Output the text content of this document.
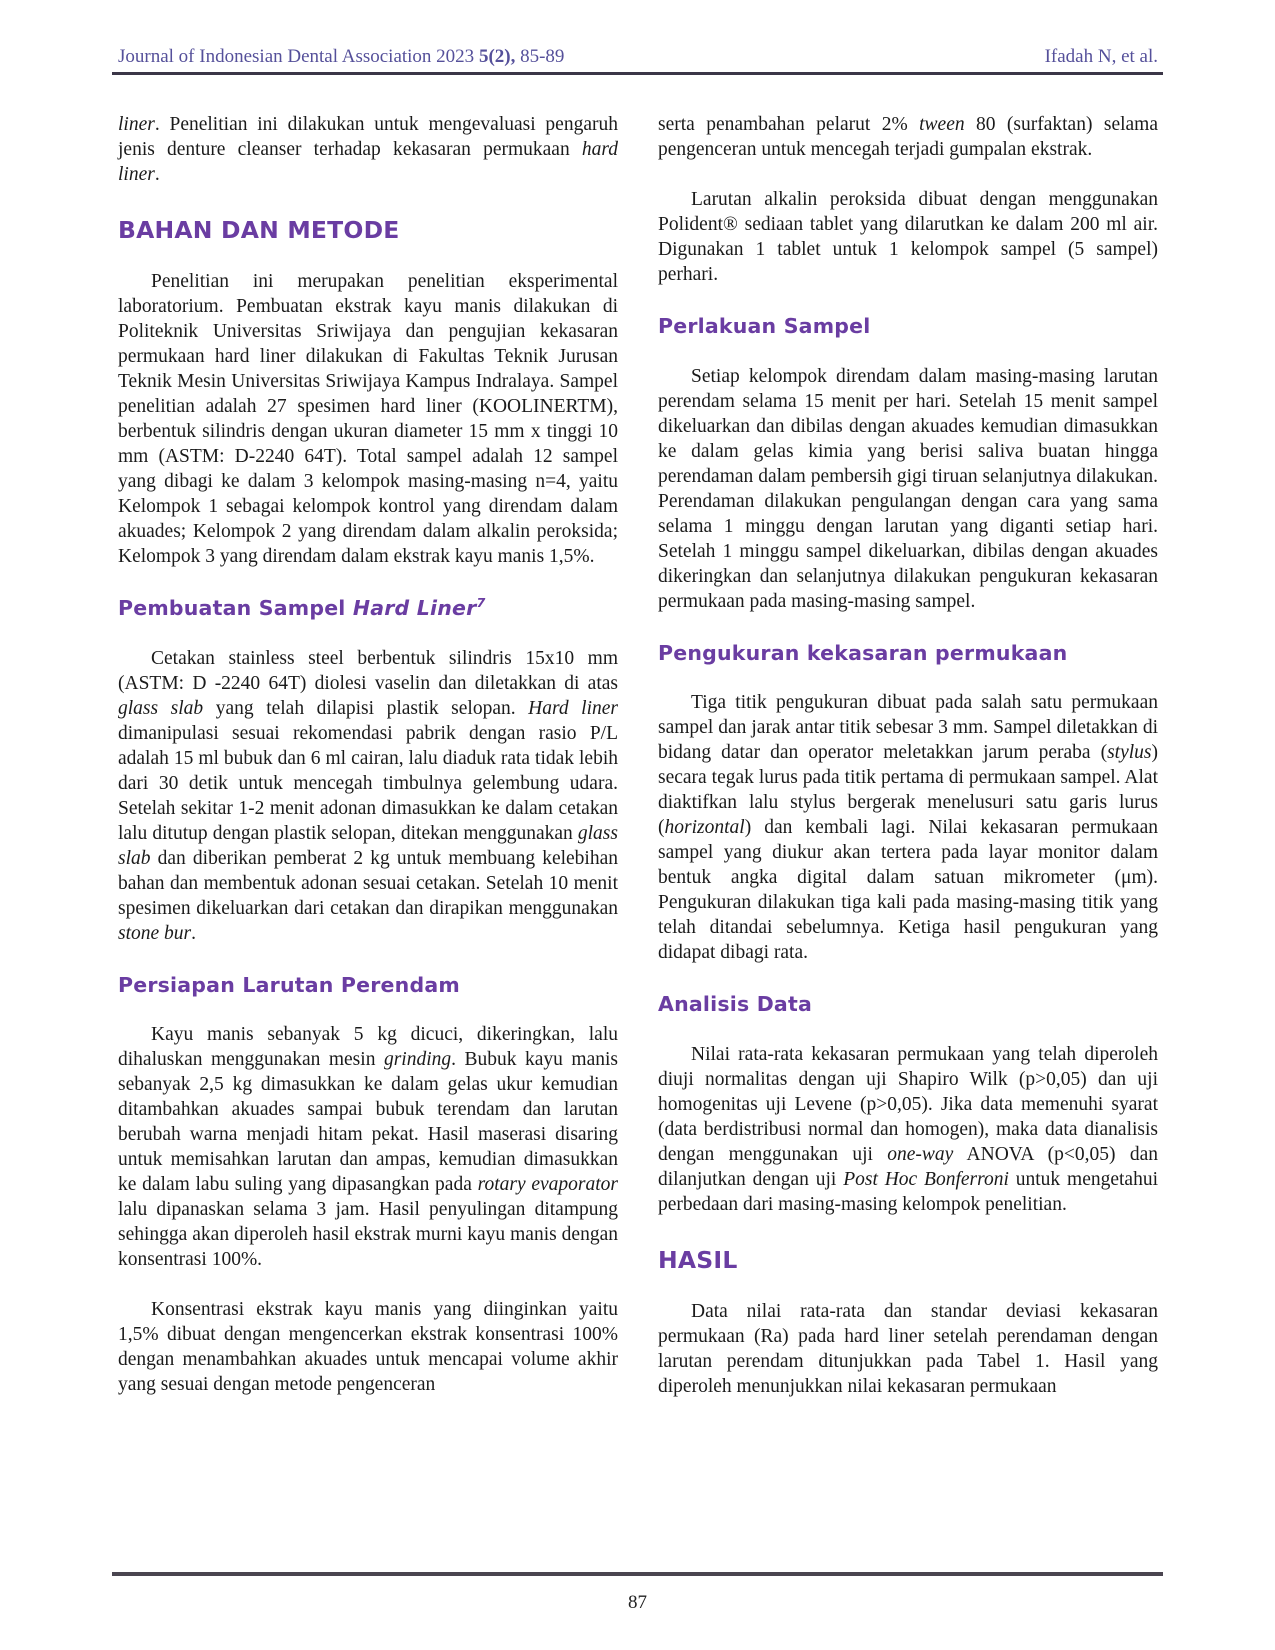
Journal of Indonesian Dental Association 2023 5(2), 85-89	Ifadah N, et al.

liner. Penelitian ini dilakukan untuk mengevaluasi pengaruh jenis denture cleanser terhadap kekasaran permukaan hard liner.

BAHAN DAN METODE

Penelitian ini merupakan penelitian eksperimental laboratorium. Pembuatan ekstrak kayu manis dilakukan di Politeknik Universitas Sriwijaya dan pengujian kekasaran permukaan hard liner dilakukan di Fakultas Teknik Jurusan Teknik Mesin Universitas Sriwijaya Kampus Indralaya. Sampel penelitian adalah 27 spesimen hard liner (KOOLINERTM), berbentuk silindris dengan ukuran diameter 15 mm x tinggi 10 mm (ASTM: D-2240 64T). Total sampel adalah 12 sampel yang dibagi ke dalam 3 kelompok masing-masing n=4, yaitu Kelompok 1 sebagai kelompok kontrol yang direndam dalam akuades; Kelompok 2 yang direndam dalam alkalin peroksida; Kelompok 3 yang direndam dalam ekstrak kayu manis 1,5%.

Pembuatan Sampel Hard Liner$^7$

Cetakan stainless steel berbentuk silindris 15x10 mm (ASTM: D -2240 64T) diolesi vaselin dan diletakkan di atas glass slab yang telah dilapisi plastik selopan. Hard liner dimanipulasi sesuai rekomendasi pabrik dengan rasio P/L adalah 15 ml bubuk dan 6 ml cairan, lalu diaduk rata tidak lebih dari 30 detik untuk mencegah timbulnya gelembung udara. Setelah sekitar 1-2 menit adonan dimasukkan ke dalam cetakan lalu ditutup dengan plastik selopan, ditekan menggunakan glass slab dan diberikan pemberat 2 kg untuk membuang kelebihan bahan dan membentuk adonan sesuai cetakan. Setelah 10 menit spesimen dikeluarkan dari cetakan dan dirapikan menggunakan stone bur.

Persiapan Larutan Perendam

Kayu manis sebanyak 5 kg dicuci, dikeringkan, lalu dihaluskan menggunakan mesin grinding. Bubuk kayu manis sebanyak 2,5 kg dimasukkan ke dalam gelas ukur kemudian ditambahkan akuades sampai bubuk terendam dan larutan berubah warna menjadi hitam pekat. Hasil maserasi disaring untuk memisahkan larutan dan ampas, kemudian dimasukkan ke dalam labu suling yang dipasangkan pada rotary evaporator lalu dipanaskan selama 3 jam. Hasil penyulingan ditampung sehingga akan diperoleh hasil ekstrak murni kayu manis dengan konsentrasi 100%.

Konsentrasi ekstrak kayu manis yang diinginkan yaitu 1,5% dibuat dengan mengencerkan ekstrak konsentrasi 100% dengan menambahkan akuades untuk mencapai volume akhir yang sesuai dengan metode pengenceran

serta penambahan pelarut 2% tween 80 (surfaktan) selama pengenceran untuk mencegah terjadi gumpalan ekstrak.

Larutan alkalin peroksida dibuat dengan menggunakan Polident® sediaan tablet yang dilarutkan ke dalam 200 ml air. Digunakan 1 tablet untuk 1 kelompok sampel (5 sampel) perhari.

Perlakuan Sampel

Setiap kelompok direndam dalam masing-masing larutan perendam selama 15 menit per hari. Setelah 15 menit sampel dikeluarkan dan dibilas dengan akuades kemudian dimasukkan ke dalam gelas kimia yang berisi saliva buatan hingga perendaman dalam pembersih gigi tiruan selanjutnya dilakukan. Perendaman dilakukan pengulangan dengan cara yang sama selama 1 minggu dengan larutan yang diganti setiap hari. Setelah 1 minggu sampel dikeluarkan, dibilas dengan akuades dikeringkan dan selanjutnya dilakukan pengukuran kekasaran permukaan pada masing-masing sampel.

Pengukuran kekasaran permukaan

Tiga titik pengukuran dibuat pada salah satu permukaan sampel dan jarak antar titik sebesar 3 mm. Sampel diletakkan di bidang datar dan operator meletakkan jarum peraba (stylus) secara tegak lurus pada titik pertama di permukaan sampel. Alat diaktifkan lalu stylus bergerak menelusuri satu garis lurus (horizontal) dan kembali lagi. Nilai kekasaran permukaan sampel yang diukur akan tertera pada layar monitor dalam bentuk angka digital dalam satuan mikrometer (μm). Pengukuran dilakukan tiga kali pada masing-masing titik yang telah ditandai sebelumnya. Ketiga hasil pengukuran yang didapat dibagi rata.

Analisis Data

Nilai rata-rata kekasaran permukaan yang telah diperoleh diuji normalitas dengan uji Shapiro Wilk (p>0,05) dan uji homogenitas uji Levene (p>0,05). Jika data memenuhi syarat (data berdistribusi normal dan homogen), maka data dianalisis dengan menggunakan uji one-way ANOVA (p<0,05) dan dilanjutkan dengan uji Post Hoc Bonferroni untuk mengetahui perbedaan dari masing-masing kelompok penelitian.

HASIL

Data nilai rata-rata dan standar deviasi kekasaran permukaan (Ra) pada hard liner setelah perendaman dengan larutan perendam ditunjukkan pada Tabel 1. Hasil yang diperoleh menunjukkan nilai kekasaran permukaan

87
